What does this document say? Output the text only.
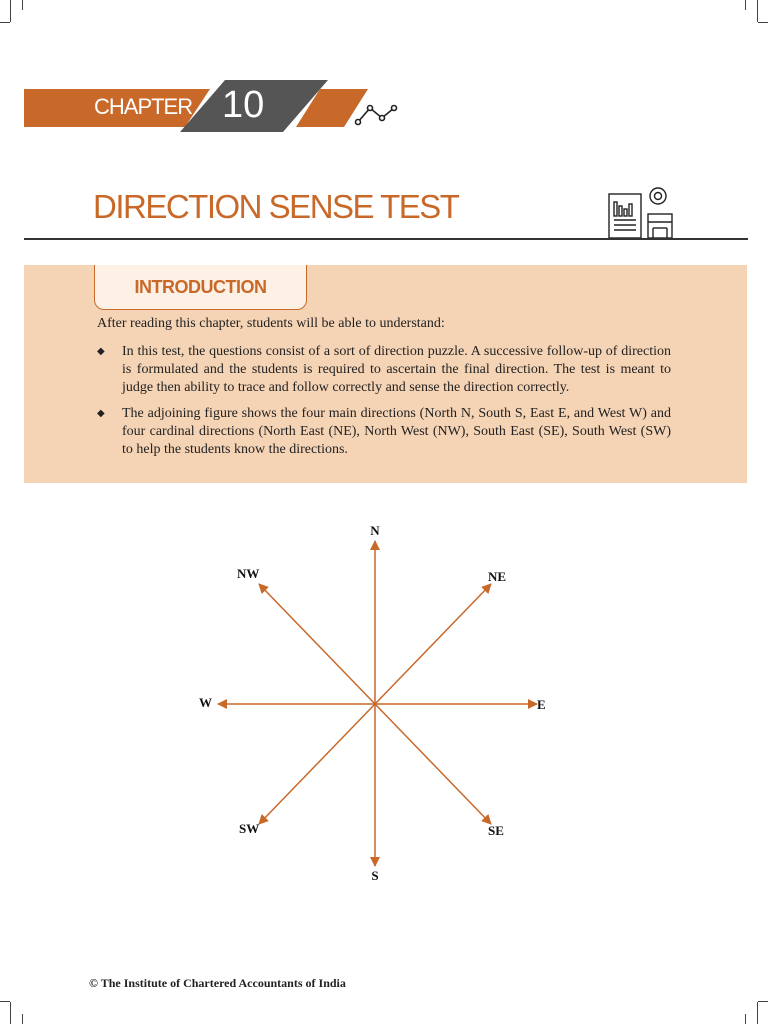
CHAPTER 10
DIRECTION SENSE TEST
INTRODUCTION
After reading this chapter, students will be able to understand:
◆ In this test, the questions consist of a sort of direction puzzle. A successive follow-up of direction is formulated and the students is required to ascertain the final direction. The test is meant to judge then ability to trace and follow correctly and sense the direction correctly.
◆ The adjoining figure shows the four main directions (North N, South S, East E, and West W) and four cardinal directions (North East (NE), North West (NW), South East (SE), South West (SW) to help the students know the directions.
N
S
E
W
NE
NW
SE
SW
© The Institute of Chartered Accountants of India
